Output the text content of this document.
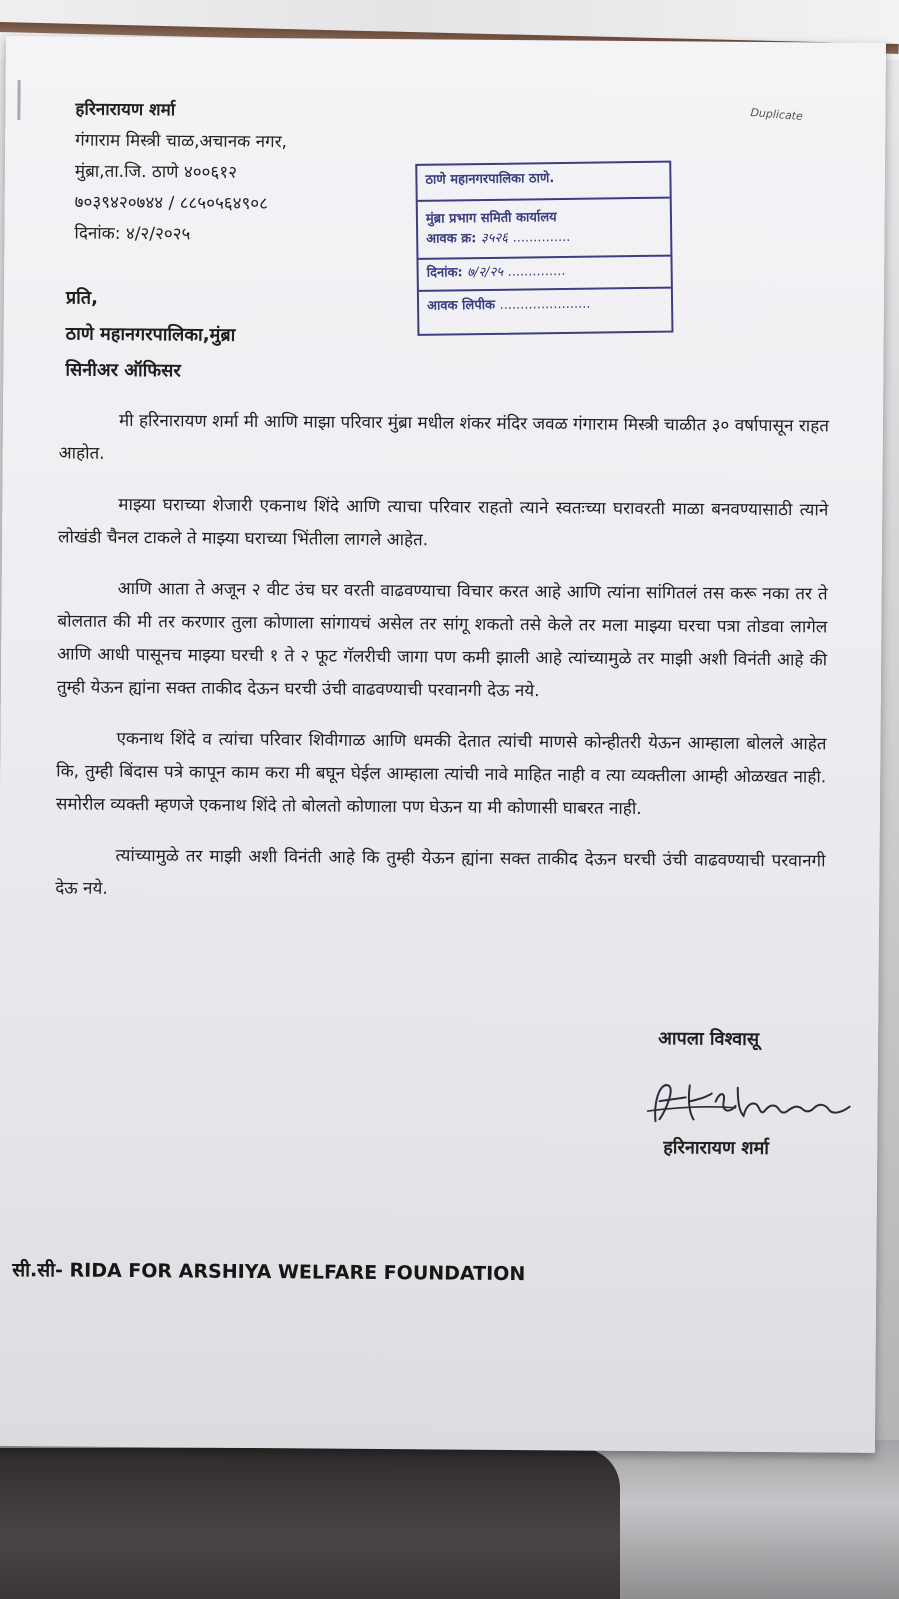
हरिनारायण शर्मा
गंगाराम मिस्त्री चाळ,अचानक नगर,
मुंब्रा,ता.जि. ठाणे ४००६१२
७०३९४२०७४४ / ८८५०५६४९०८
दिनांक: ४/२/२०२५
Duplicate
ठाणे महानगरपालिका ठाणे.
मुंब्रा प्रभाग समिती कार्यालय
आवक क्र: ३५२६ ..............
दिनांक: ७/२/२५ ..............
आवक लिपीक ......................
प्रति,
ठाणे महानगरपालिका,मुंब्रा
सिनीअर ऑफिसर

मी हरिनारायण शर्मा मी आणि माझा परिवार मुंब्रा मधील शंकर मंदिर जवळ गंगाराम मिस्त्री चाळीत ३० वर्षापासून राहत आहोत.

माझ्या घराच्या शेजारी एकनाथ शिंदे आणि त्याचा परिवार राहतो त्याने स्वतःच्या घरावरती माळा बनवण्यासाठी त्याने लोखंडी चैनल टाकले ते माझ्या घराच्या भिंतीला लागले आहेत.

आणि आता ते अजून २ वीट उंच घर वरती वाढवण्याचा विचार करत आहे आणि त्यांना सांगितलं तस करू नका तर ते बोलतात की मी तर करणार तुला कोणाला सांगायचं असेल तर सांगू शकतो तसे केले तर मला माझ्या घरचा पत्रा तोडवा लागेल आणि आधी पासूनच माझ्या घरची १ ते २ फूट गॅलरीची जागा पण कमी झाली आहे त्यांच्यामुळे तर माझी अशी विनंती आहे की तुम्ही येऊन ह्यांना सक्त ताकीद देऊन घरची उंची वाढवण्याची परवानगी देऊ नये.

एकनाथ शिंदे व त्यांचा परिवार शिवीगाळ आणि धमकी देतात त्यांची माणसे कोन्हीतरी येऊन आम्हाला बोलले आहेत कि, तुम्ही बिंदास पत्रे कापून काम करा मी बघून घेईल आम्हाला त्यांची नावे माहित नाही व त्या व्यक्तीला आम्ही ओळखत नाही. समोरील व्यक्ती म्हणजे एकनाथ शिंदे तो बोलतो कोणाला पण घेऊन या मी कोणासी घाबरत नाही.

त्यांच्यामुळे तर माझी अशी विनंती आहे कि तुम्ही येऊन ह्यांना सक्त ताकीद देऊन घरची उंची वाढवण्याची परवानगी देऊ नये.

आपला विश्वासू
हरिनारायण शर्मा
सी.सी- RIDA FOR ARSHIYA WELFARE FOUNDATION
